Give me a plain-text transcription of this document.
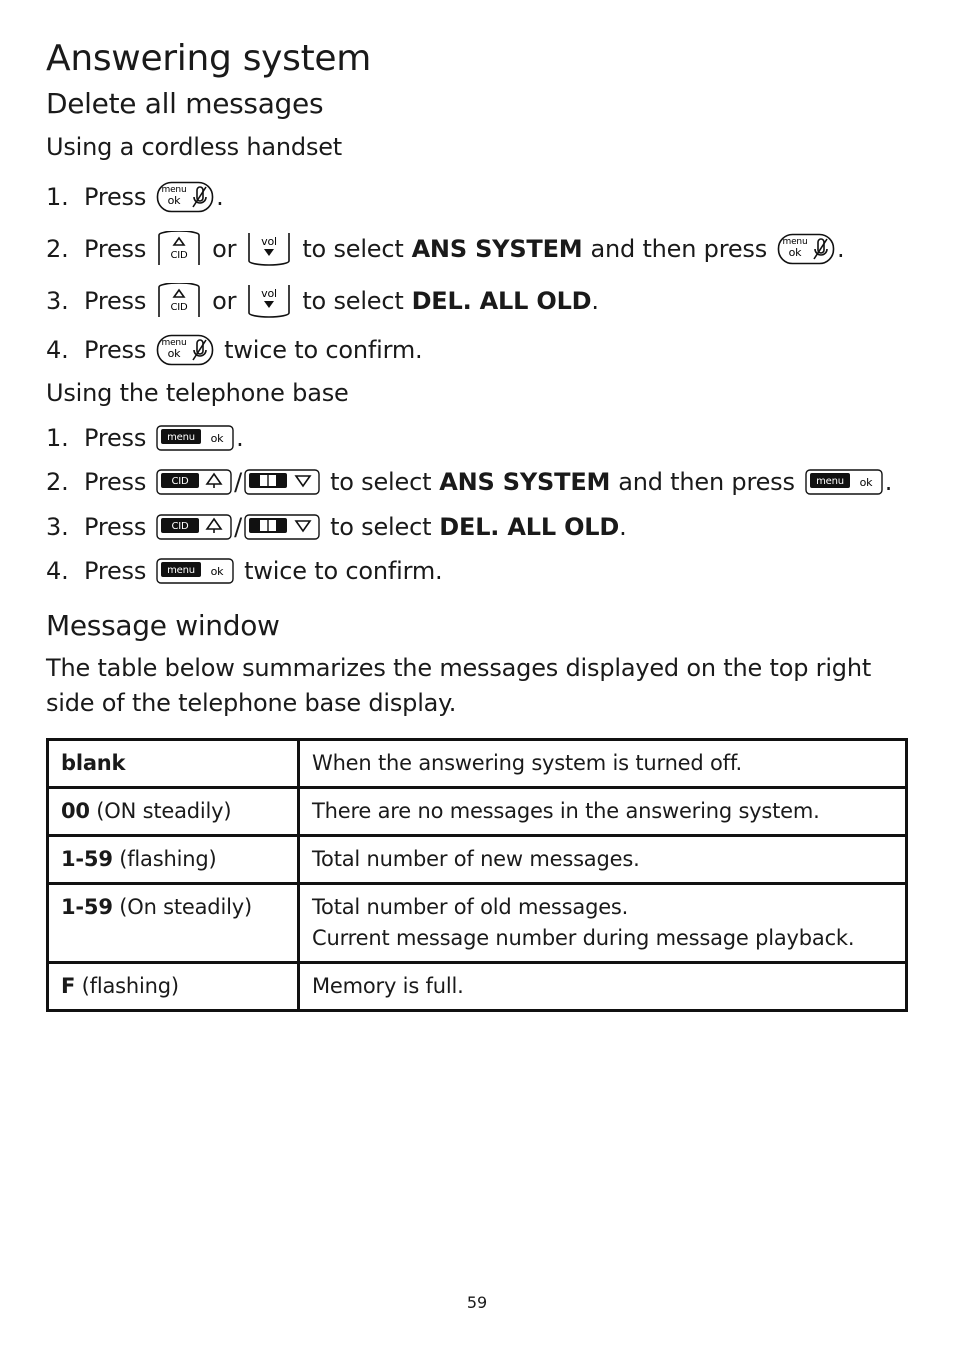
Answering system
Delete all messages
Using a cordless handset
1. Press menu
ok .
2. Press CID or vol to select ANS SYSTEM and then press menu
ok .
3. Press CID or vol to select DEL. ALL OLD .
4. Press menu
ok twice to confirm.
Using the telephone base
1. Press menu ok .
2. Press	CID /	to select ANS SYSTEM and then press menu ok .
3. Press	CID /	to select DEL. ALL OLD .
4. Press menu ok twice to confirm.
Message window
The table below summarizes the messages displayed on the top right side of the telephone base display.
blank	When the answering system is turned off.
00 (ON steadily)	There are no messages in the answering system.
1-59 (flashing)	Total number of new messages.
1-59 (On steadily)	Total number of old messages.
Current message number during message playback.
F (flashing)	Memory is full.
59
